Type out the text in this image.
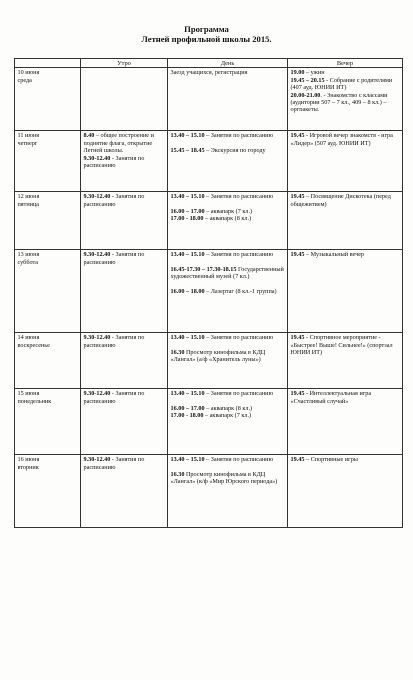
Программа
Летней профильной школы 2015.
	Утро	День	Вечер

10 июня
среда		Заезд учащихся, регистрация	19.00 – ужин
19.45 – 20.15 - Собрание с родителями (407 ауд. ЮНИИ ИТ)
20.00-21.00. - Знакомство с классами (аудитории 507 – 7 кл., 409 – 8 кл.) – оргпакеты.

11 июня
четверг	8.40 – общее построение и поднятие флага, открытие Летней школы.
9.30-12.40 - Занятия по расписанию	13.40 – 15.10 – Занятия по расписанию
15.45 – 18.45 – Экскурсия по городу	19.45 - Игровой вечер знакомств - игра «Лидер» (507 ауд. ЮНИИ ИТ)

12 июня
пятница	9.30-12.40 - Занятия по расписанию	13.40 – 15.10 – Занятия по расписанию
16.00 – 17.00 – аквапарк (7 кл.)
17.00 - 18.00 – аквапарк (8 кл.)	19.45 – Посвящение Дискотека (перед общежитием)

13 июня
суббота	9.30-12.40 - Занятия по расписанию	13.40 – 15.10 – Занятия по расписанию
16.45-17.30 – 17.30-18.15 Государственный художественный музей (7 кл.)
16.00 – 18.00 – Лазертаг (8 кл.-1 группа)	19.45 – Музыкальный вечер

14 июня
воскресенье	9.30-12.40 - Занятия по расписанию	13.40 – 15.10 – Занятия по расписанию
16.30 Просмотр кинофильма в КДЦ «Лангал» (а/ф «Хранитель луны»)	19.45 - Спортивное мероприятие - «Быстрее! Выше! Сильнее!» (спортзал ЮНИИ ИТ)

15 июня
понедельник	9.30-12.40 - Занятия по расписанию	13.40 – 15.10 – Занятия по расписанию
16.00 – 17.00 – аквапарк (8 кл.)
17.00 - 18.00 – аквапарк (7 кл.)	19.45 - Интеллектуальная игра «Счастливый случай»

16 июня
вторник	9.30-12.40 - Занятия по расписанию	13.40 – 15.10 – Занятия по расписанию
16.30 Просмотр кинофильма в КДЦ «Лангал» (к/ф «Мир Юрского периода»)	19.45 – Спортивные игры
